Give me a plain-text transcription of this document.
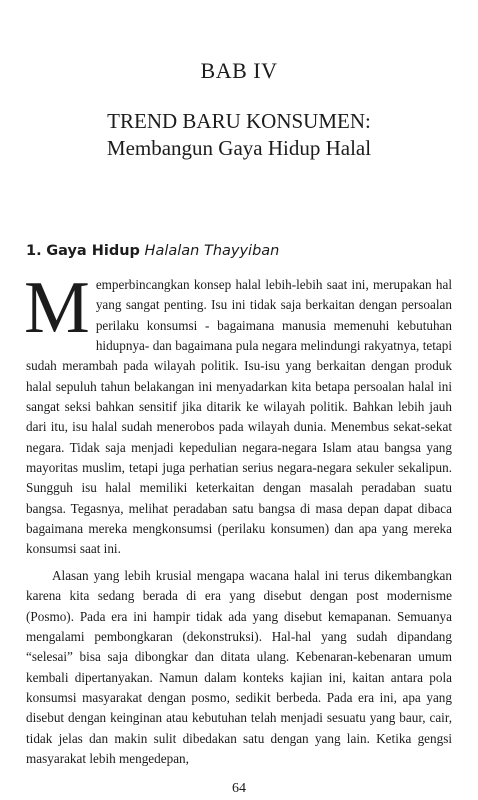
BAB IV
TREND BARU KONSUMEN:
Membangun Gaya Hidup Halal
1. Gaya Hidup Halalan Thayyiban

Memperbincangkan konsep halal lebih-lebih saat ini, merupakan hal yang sangat penting. Isu ini tidak saja berkaitan dengan persoalan perilaku konsumsi - bagaimana manusia memenuhi kebutuhan hidupnya- dan bagaimana pula negara melindungi rakyatnya, tetapi sudah merambah pada wilayah politik. Isu-isu yang berkaitan dengan produk halal sepuluh tahun belakangan ini menyadarkan kita betapa persoalan halal ini sangat seksi bahkan sensitif jika ditarik ke wilayah politik. Bahkan lebih jauh dari itu, isu halal sudah menerobos pada wilayah dunia. Menembus sekat-sekat negara. Tidak saja menjadi kepedulian negara-negara Islam atau bangsa yang mayoritas muslim, tetapi juga perhatian serius negara-negara sekuler sekalipun. Sungguh isu halal memiliki keterkaitan dengan masalah peradaban suatu bangsa. Tegasnya, melihat peradaban satu bangsa di masa depan dapat dibaca bagaimana mereka mengkonsumsi (perilaku konsumen) dan apa yang mereka konsumsi saat ini.

Alasan yang lebih krusial mengapa wacana halal ini terus dikembangkan karena kita sedang berada di era yang disebut dengan post modernisme (Posmo). Pada era ini hampir tidak ada yang disebut kemapanan. Semuanya mengalami pembongkaran (dekonstruksi). Hal-hal yang sudah dipandang “selesai” bisa saja dibongkar dan ditata ulang. Kebenaran-kebenaran umum kembali dipertanyakan. Namun dalam konteks kajian ini, kaitan antara pola konsumsi masyarakat dengan posmo, sedikit berbeda. Pada era ini, apa yang disebut dengan keinginan atau kebutuhan telah menjadi sesuatu yang baur, cair, tidak jelas dan makin sulit dibedakan satu dengan yang lain. Ketika gengsi masyarakat lebih mengedepan,

64
